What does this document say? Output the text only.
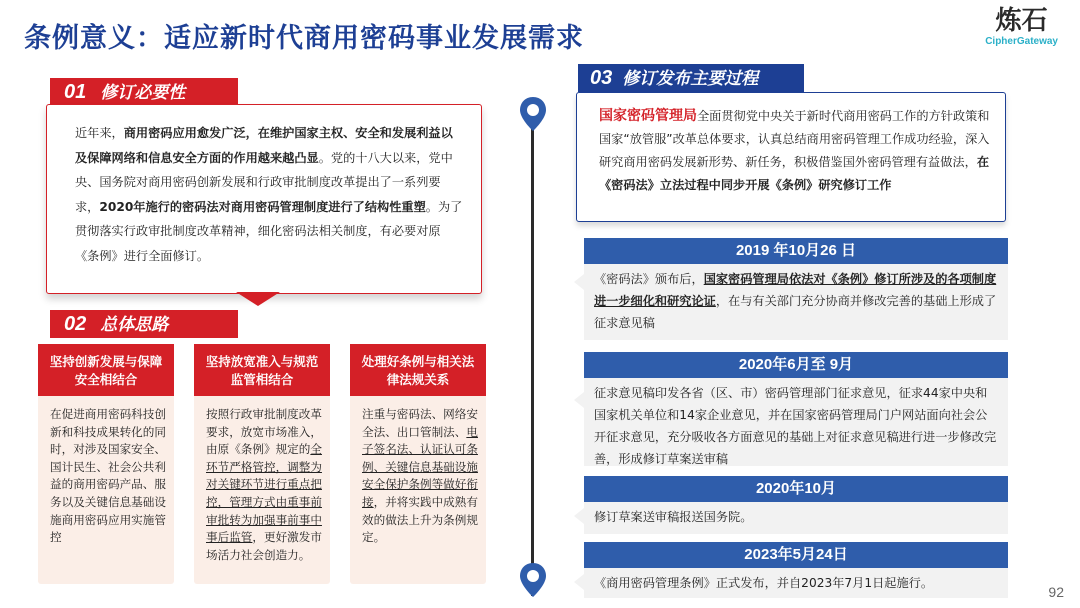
条例意义：适应新时代商用密码事业发展需求
炼石
CipherGateway
01 修订必要性
近年来，商用密码应用愈发广泛，在维护国家主权、安全和发展利益以及保障网络和信息安全方面的作用越来越凸显。党的十八大以来，党中央、国务院对商用密码创新发展和行政审批制度改革提出了一系列要求，2020年施行的密码法对商用密码管理制度进行了结构性重塑。为了贯彻落实行政审批制度改革精神，细化密码法相关制度，有必要对原《条例》进行全面修订。
02 总体思路
坚持创新发展与保障安全相结合
在促进商用密码科技创新和科技成果转化的同时，对涉及国家安全、国计民生、社会公共利益的商用密码产品、服务以及关键信息基础设施商用密码应用实施管控
坚持放宽准入与规范监管相结合
按照行政审批制度改革要求，放宽市场准入，由原《条例》规定的全环节严格管控，调整为对关键环节进行重点把控，管理方式由重事前审批转为加强事前事中事后监管，更好激发市场活力社会创造力。
处理好条例与相关法律法规关系
注重与密码法、网络安全法、出口管制法、电子签名法、认证认可条例、关键信息基础设施安全保护条例等做好衔接，并将实践中成熟有效的做法上升为条例规定。
03 修订发布主要过程
国家密码管理局全面贯彻党中央关于新时代商用密码工作的方针政策和国家“放管服”改革总体要求，认真总结商用密码管理工作成功经验，深入研究商用密码发展新形势、新任务，积极借鉴国外密码管理有益做法，在《密码法》立法过程中同步开展《条例》研究修订工作
2019 年10月26 日
《密码法》颁布后，国家密码管理局依法对《条例》修订所涉及的各项制度进一步细化和研究论证，在与有关部门充分协商并修改完善的基础上形成了征求意见稿
2020年6月至 9月
征求意见稿印发各省（区、市）密码管理部门征求意见，征求44家中央和国家机关单位和14家企业意见，并在国家密码管理局门户网站面向社会公开征求意见，充分吸收各方面意见的基础上对征求意见稿进行进一步修改完善，形成修订草案送审稿
2020年10月
修订草案送审稿报送国务院。
2023年5月24日
《商用密码管理条例》正式发布，并自2023年7月1日起施行。
92
